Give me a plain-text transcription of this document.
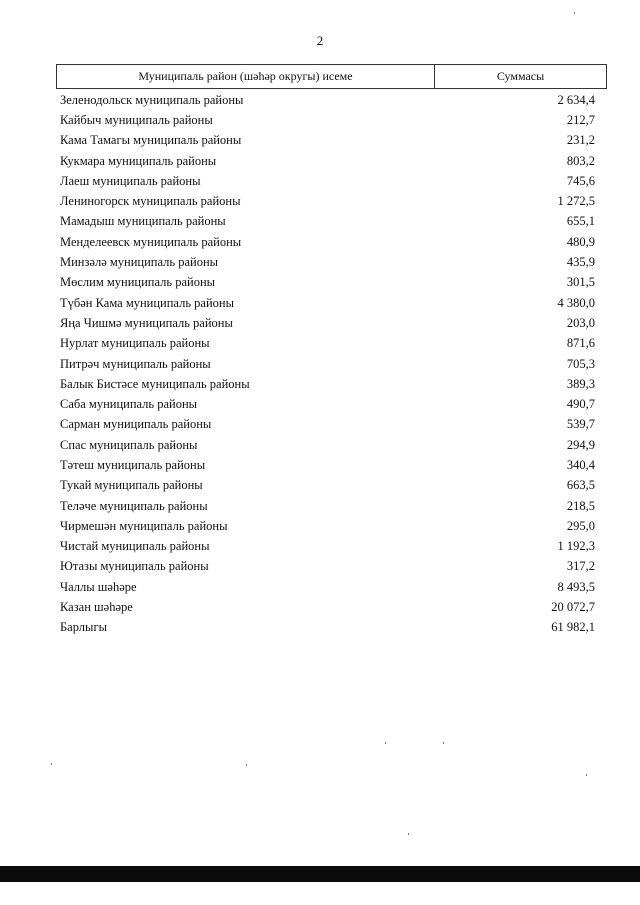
2
Муниципаль район (шәһәр округы) исеме	Суммасы
Зеленодольск муниципаль районы	2 634,4
Кайбыч муниципаль районы	212,7
Кама Тамагы муниципаль районы	231,2
Кукмара муниципаль районы	803,2
Лаеш муниципаль районы	745,6
Лениногорск муниципаль районы	1 272,5
Мамадыш муниципаль районы	655,1
Менделеевск муниципаль районы	480,9
Минзәлә муниципаль районы	435,9
Мөслим муниципаль районы	301,5
Түбән Кама муниципаль районы	4 380,0
Яңа Чишмә муниципаль районы	203,0
Нурлат муниципаль районы	871,6
Питрәч муниципаль районы	705,3
Балык Бистәсе муниципаль районы	389,3
Саба муниципаль районы	490,7
Сарман муниципаль районы	539,7
Спас муниципаль районы	294,9
Тәтеш муниципаль районы	340,4
Тукай муниципаль районы	663,5
Теләче муниципаль районы	218,5
Чирмешән муниципаль районы	295,0
Чистай муниципаль районы	1 192,3
Ютазы муниципаль районы	317,2
Чаллы шәһәре	8 493,5
Казан шәһәре	20 072,7
Барлыгы	61 982,1
